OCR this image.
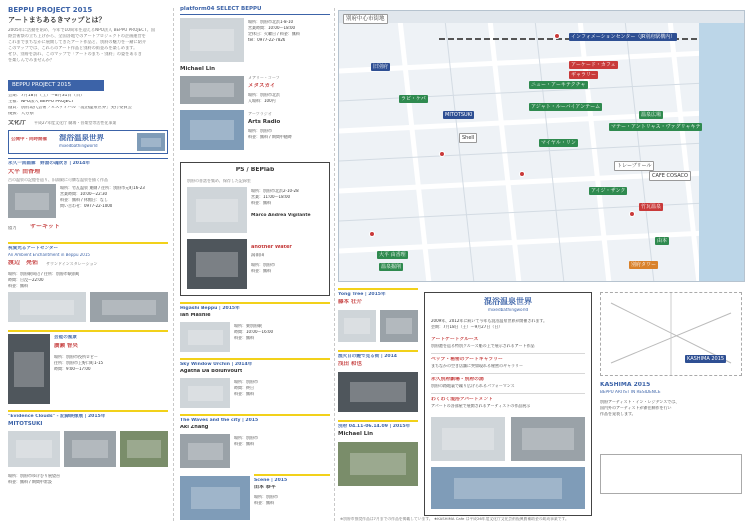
BEPPU PROJECT 2015
アートまちあるきマップとは？
2005年に活動を始め、今年で10周年を迎えるNPO法人 BEPPU PROJECT。国
際芸術祭の立ち上げから、全国各地でのアートプロジェクトの企画運営を
これまでまちなかに展開してきたアート作品と、別府の魅力を一緒に紹介
このマップでは、これらのアート作品と別府の街並みを楽しめます。
ぜひ、別府を訪れ、このマップで「アートのまち・別府」の姿をあるき
を楽しんでみませんか？
BEPPU PROJECT 2015
会期：7月18日（土）〜8月31日（日）
主催：NPO法人 BEPPU PROJECT
協賛：別府現代芸術フェスティバル「混浴温泉世界」実行委員会
後援：大分県
文化庁 平成27年度文化庁 劇場・音楽堂等活性化事業
公開中・同時開催 混浴温泉世界
mixedbathingworld
永久一回画廊　野湯の魂吹き | 2014年
大平 由香理
古の温泉の記憶を辿り、旧湯殿に可憐な温泉を描く作品
場所：竹瓦温泉 東側 / 住所：別府市元町16-23
営業時間：10:00〜22:30
料金：無料 / 休館日：なし
問い合わせ：0977-22-1000
協力 サーキット
祝賀光るアートセンター
An Ambient Enchantment in Beppu 2015
渡辺　亮佑 サウンドインスタレーション
場所：別府駅周辺 / 住所：別府市駅前町
時間：日没〜22:00
料金：無料
芸能の風景
廣瀬 智央
場所：別府市役所ロビー
住所：別府市上野口町1-15
時間：9:00〜17:00
"Evidence Clouds" - 記録映像展 | 2015年
MITOTSUKI
場所：別府市ゆけむり展望台
料金：無料 / 期間中常設
platform04 SELECT BEPPU
場所：別府市北浜1-8-10
営業時間：10:00〜18:00
定休日：火曜日 / 料金：無料
tel：0977-22-7826
Michael Lin
メアリー・コーフ
メタスカイ
場所：別府市北浜
入場料：100円
アーツラジオ
Arts Radio
場所：別府市
料金：無料 / 期間中随時
PS / BEPlab
別府の昔話を集め、保存した記録室
場所：別府市北浜2-10-28
営業：11:00〜18:00
料金：無料
Marco Andrea Vigilante
another Water
湯雨田
場所：別府市
料金：無料
Higashi Beppu | 2015年
Ian Masnie
場所：東別府駅
時間：10:00〜16:00
料金：無料
Sky Window Urchin | 2014年
Agatha Da Bolunvourt
場所：別府市
時間：終日
料金：無料
The Waves and the city | 2015
Aki Zhang
場所：別府市
料金：無料
Scene | 2015
田本 恭平
場所：別府市
料金：無料
別府中心市街地
インフォメーションセンター（JR別府駅構内）
アーケード・カフェ
ギャラリー
ニュー・アーキテクチャ
アジャト・ルーバイアンテーム
MITOTSUKI
旧別府
温泉広場
マテー・アントリャス・ヴァグリャキテ
マイヤル・リン
Shell
トレーブリール
CAFE COSACO
アイジ・ザンク
ラピ・ケパ
竹瓦温泉
大平 由香理
温泉掘削
由本
別府タワー
Yong Tree | 2015年
藤本 壮介
漁火日の鯉で見る街 | 2014
浅田 和也
別府 04.11-06.14.09 | 2015年
Michael Lin
混浴温泉世界
mixedbathingworld
2009年、2012年に続いて今年も混浴温泉世界が開催されます。
会期：7月18日（土）〜9月27日（日）
アートゲートクルーズ
別府港を巡る特別クルーズ船の上で展示されるアート作品
ベップ・秘密のアートギャラリー
まちなかの空き店舗に突如現れる秘密のギャラリー
永久別府劇場・別府の湯
別府の路地裏で繰り広げられるパフォーマンス
わくわく混浴アパートメント
アパートの各部屋で展開されるアーティストの作品展示
KASHIMA 2015
KASHIMA 2015
BEPPU ARTIST IN RESIDENCE
別府アーティスト・イン・レジデンスでは、
国内外のアーティストが滞在制作を行い
作品を発表します。
※別府市推奨作品は7月までの作品を掲載しています。 ★KASHIMA Cafe は平成26年度文化庁文化芸術振興費補助金の助成事業です。
